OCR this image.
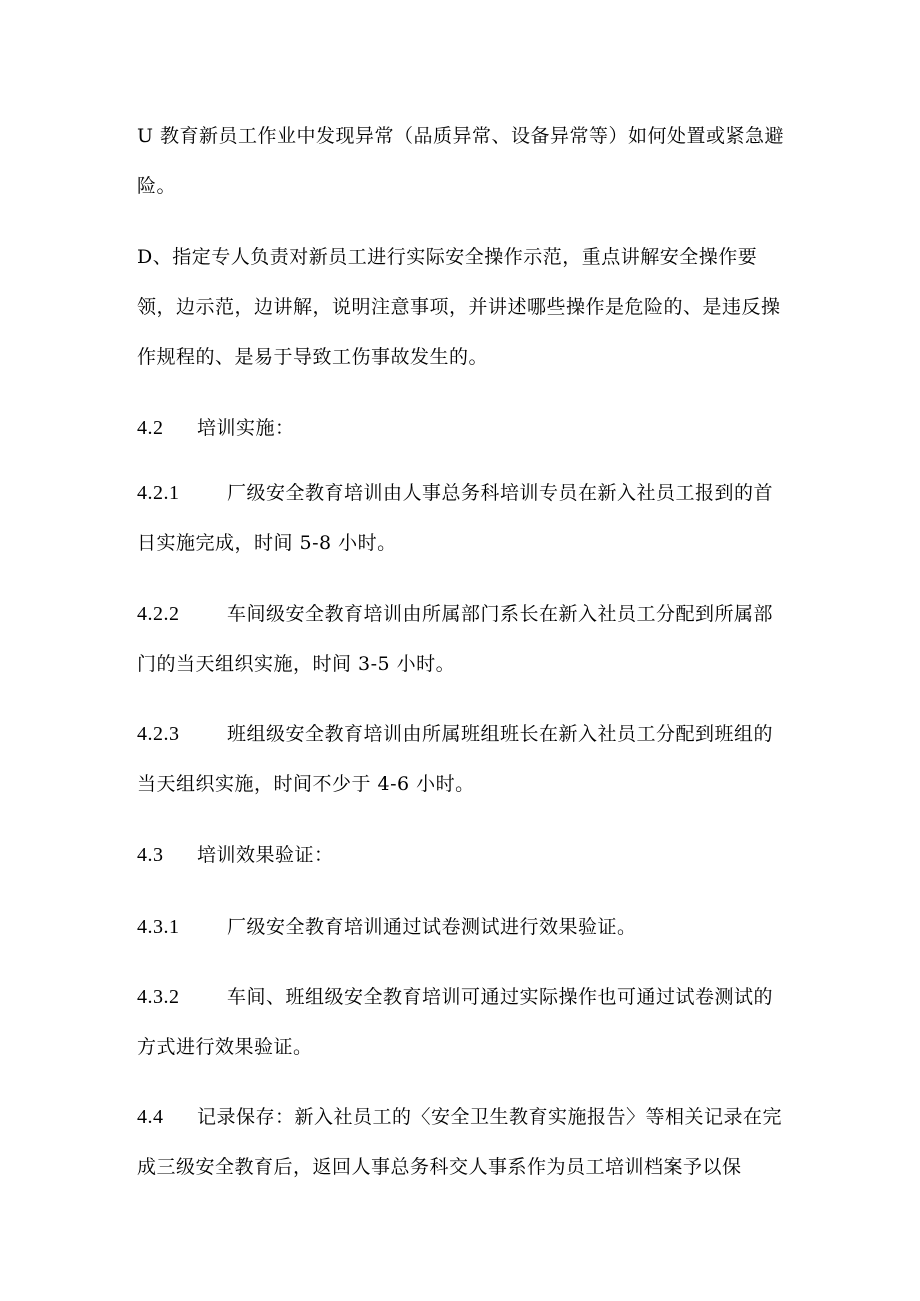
U 教育新员工作业中发现异常（品质异常、设备异常等）如何处置或紧急避险。

D、指定专人负责对新员工进行实际安全操作示范，重点讲解安全操作要领，边示范，边讲解，说明注意事项，并讲述哪些操作是危险的、是违反操作规程的、是易于导致工伤事故发生的。

4.2 培训实施：

4.2.1	厂级安全教育培训由人事总务科培训专员在新入社员工报到的首日实施完成，时间 5-8 小时。

4.2.2	车间级安全教育培训由所属部门系长在新入社员工分配到所属部门的当天组织实施，时间 3-5 小时。

4.2.3	班组级安全教育培训由所属班组班长在新入社员工分配到班组的当天组织实施，时间不少于 4-6 小时。

4.3 培训效果验证：

4.3.1	厂级安全教育培训通过试卷测试进行效果验证。

4.3.2	车间、班组级安全教育培训可通过实际操作也可通过试卷测试的方式进行效果验证。

4.4 记录保存：新入社员工的〈安全卫生教育实施报告〉等相关记录在完成三级安全教育后，返回人事总务科交人事系作为员工培训档案予以保
